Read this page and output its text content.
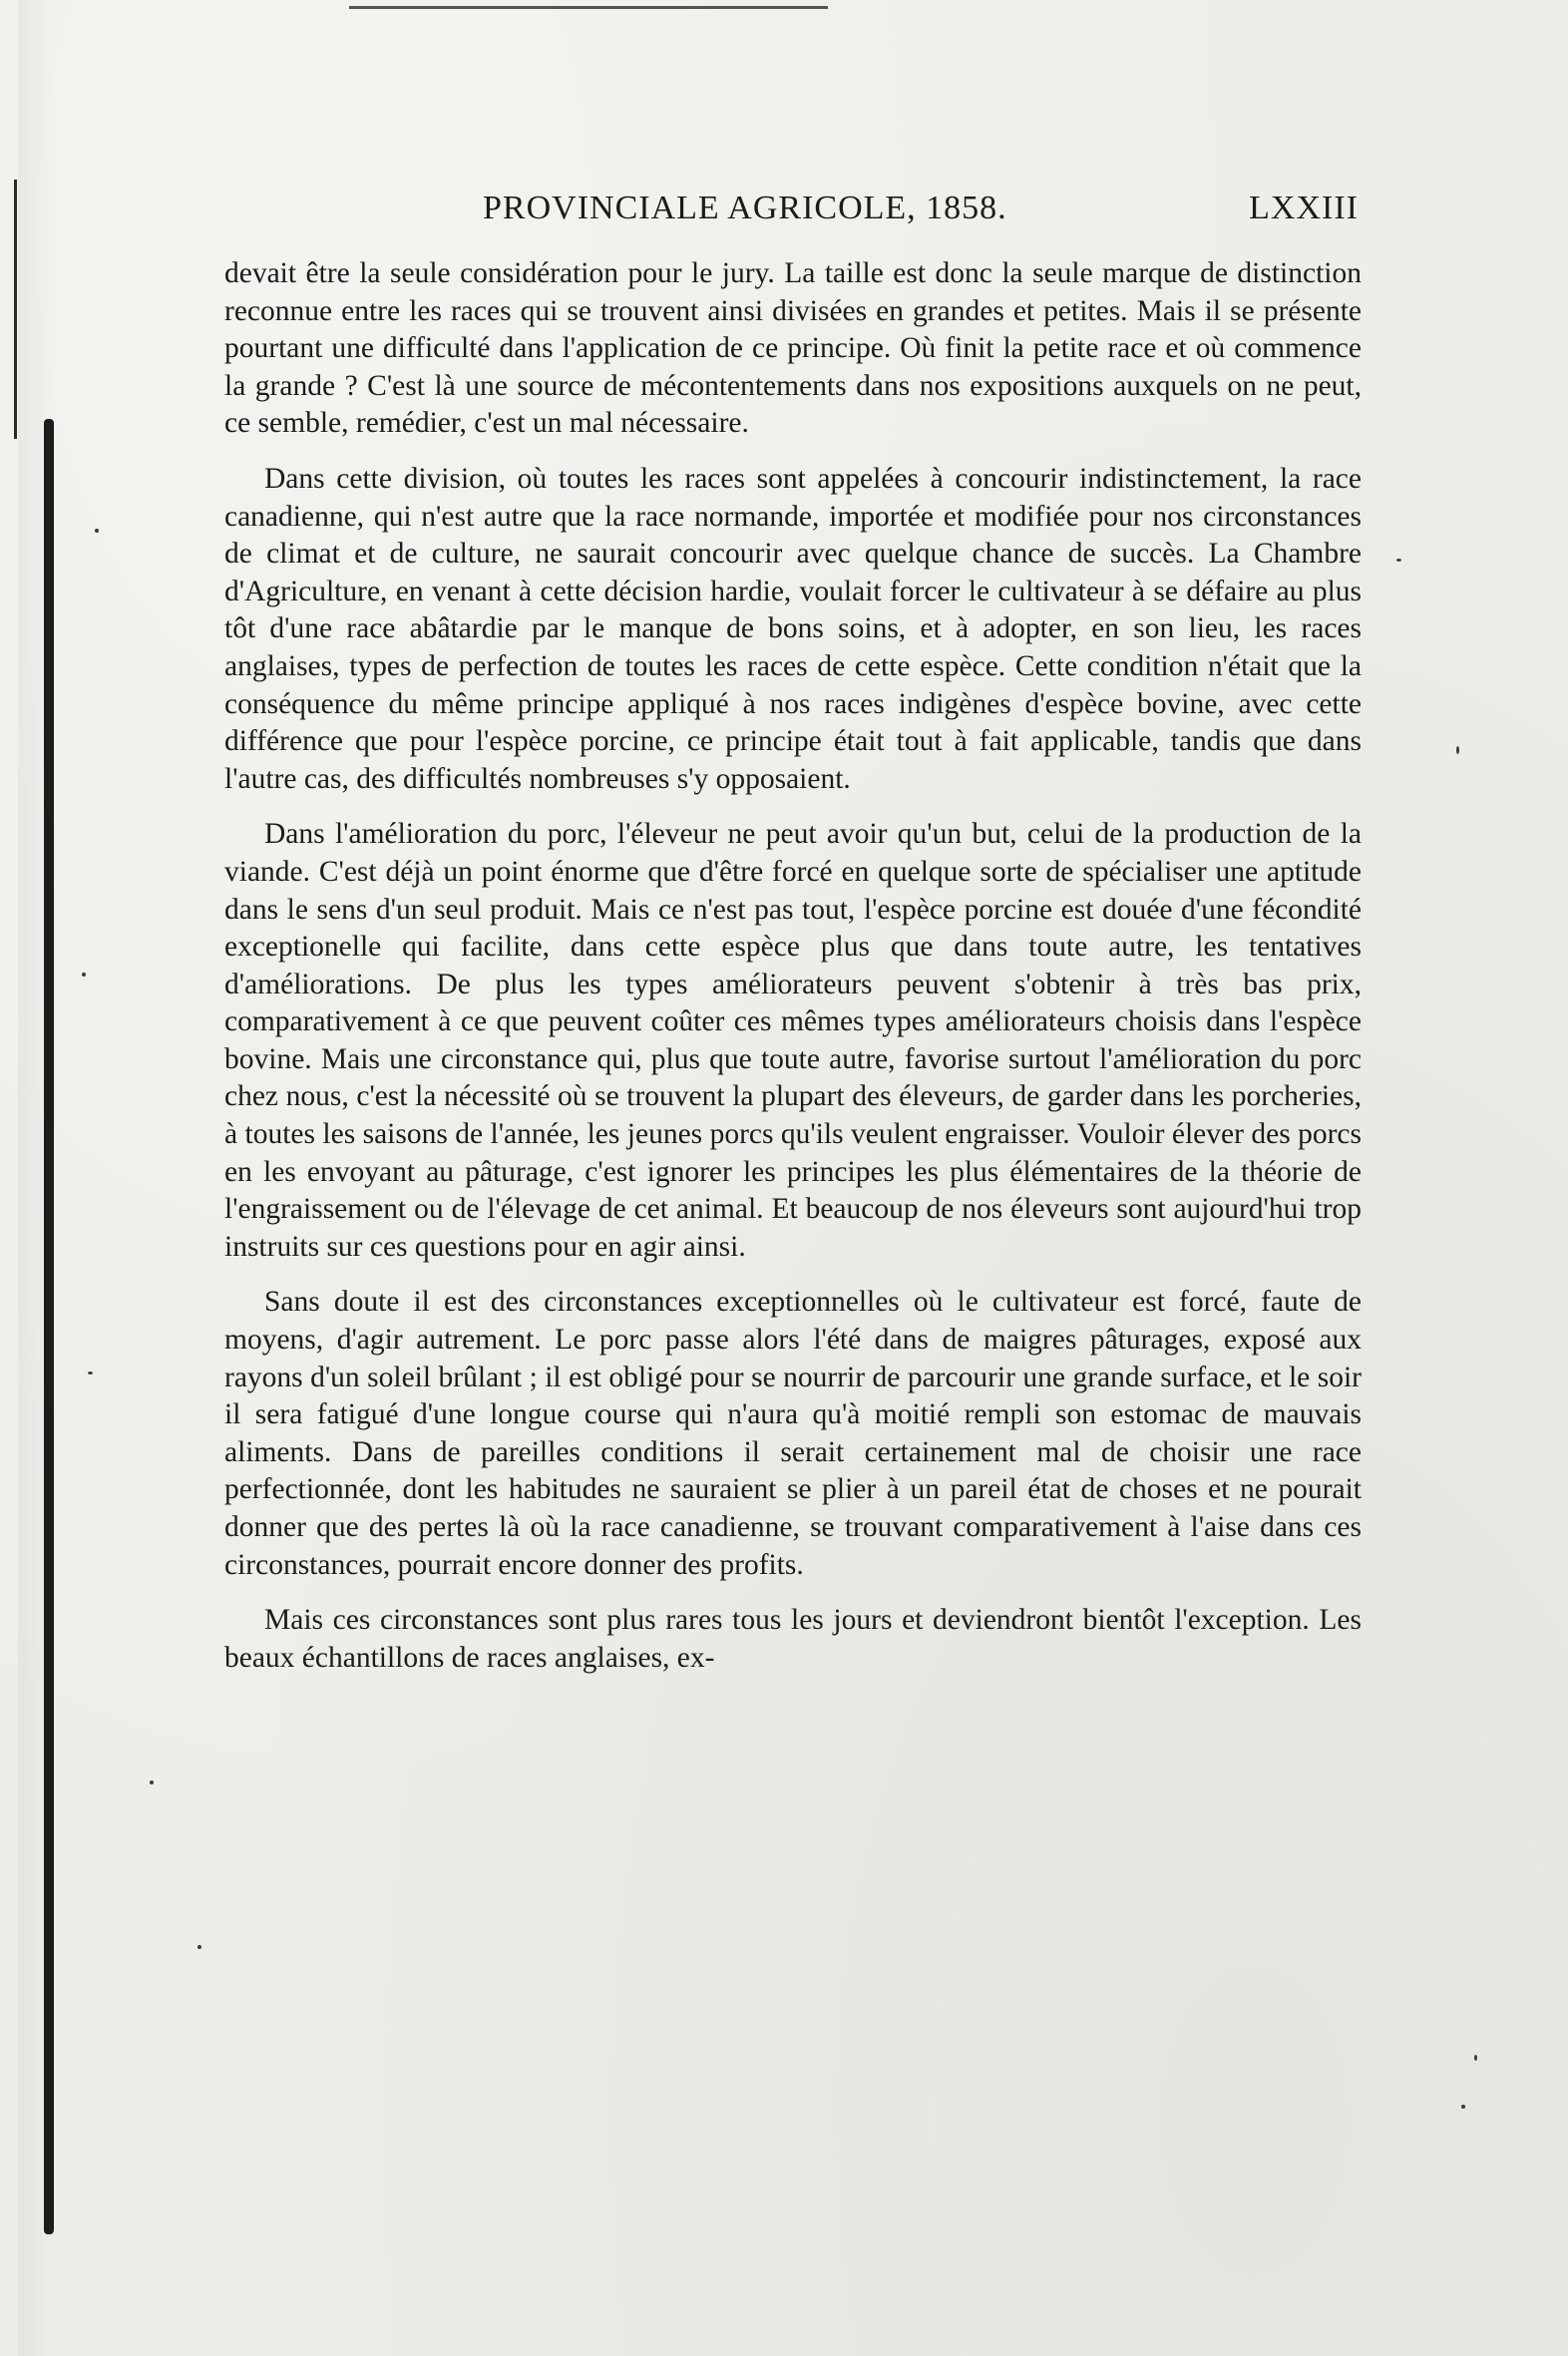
PROVINCIALE AGRICOLE, 1858.	LXXIII

devait être la seule considération pour le jury. La taille est donc la seule marque de distinction reconnue entre les races qui se trouvent ainsi divisées en grandes et petites. Mais il se présente pourtant une difficulté dans l'application de ce principe. Où finit la petite race et où commence la grande ? C'est là une source de mécontentements dans nos expositions auxquels on ne peut, ce semble, remédier, c'est un mal nécessaire.

Dans cette division, où toutes les races sont appelées à concourir indistinctement, la race canadienne, qui n'est autre que la race normande, importée et modifiée pour nos circonstances de climat et de culture, ne saurait concourir avec quelque chance de succès. La Chambre d'Agriculture, en venant à cette décision hardie, voulait forcer le cultivateur à se défaire au plus tôt d'une race abâtardie par le manque de bons soins, et à adopter, en son lieu, les races anglaises, types de perfection de toutes les races de cette espèce. Cette condition n'était que la conséquence du même principe appliqué à nos races indigènes d'espèce bovine, avec cette différence que pour l'espèce porcine, ce principe était tout à fait applicable, tandis que dans l'autre cas, des difficultés nombreuses s'y opposaient.

Dans l'amélioration du porc, l'éleveur ne peut avoir qu'un but, celui de la production de la viande. C'est déjà un point énorme que d'être forcé en quelque sorte de spécialiser une aptitude dans le sens d'un seul produit. Mais ce n'est pas tout, l'espèce porcine est douée d'une fécondité exceptionelle qui facilite, dans cette espèce plus que dans toute autre, les tentatives d'améliorations. De plus les types améliorateurs peuvent s'obtenir à très bas prix, comparativement à ce que peuvent coûter ces mêmes types améliorateurs choisis dans l'espèce bovine. Mais une circonstance qui, plus que toute autre, favorise surtout l'amélioration du porc chez nous, c'est la nécessité où se trouvent la plupart des éleveurs, de garder dans les porcheries, à toutes les saisons de l'année, les jeunes porcs qu'ils veulent engraisser. Vouloir élever des porcs en les envoyant au pâturage, c'est ignorer les principes les plus élémentaires de la théorie de l'engraissement ou de l'élevage de cet animal. Et beaucoup de nos éleveurs sont aujourd'hui trop instruits sur ces questions pour en agir ainsi.

Sans doute il est des circonstances exceptionnelles où le cultivateur est forcé, faute de moyens, d'agir autrement. Le porc passe alors l'été dans de maigres pâturages, exposé aux rayons d'un soleil brûlant ; il est obligé pour se nourrir de parcourir une grande surface, et le soir il sera fatigué d'une longue course qui n'aura qu'à moitié rempli son estomac de mauvais aliments. Dans de pareilles conditions il serait certainement mal de choisir une race perfectionnée, dont les habitudes ne sauraient se plier à un pareil état de choses et ne pourait donner que des pertes là où la race canadienne, se trouvant comparativement à l'aise dans ces circonstances, pourrait encore donner des profits.

Mais ces circonstances sont plus rares tous les jours et deviendront bientôt l'exception. Les beaux échantillons de races anglaises, ex-
